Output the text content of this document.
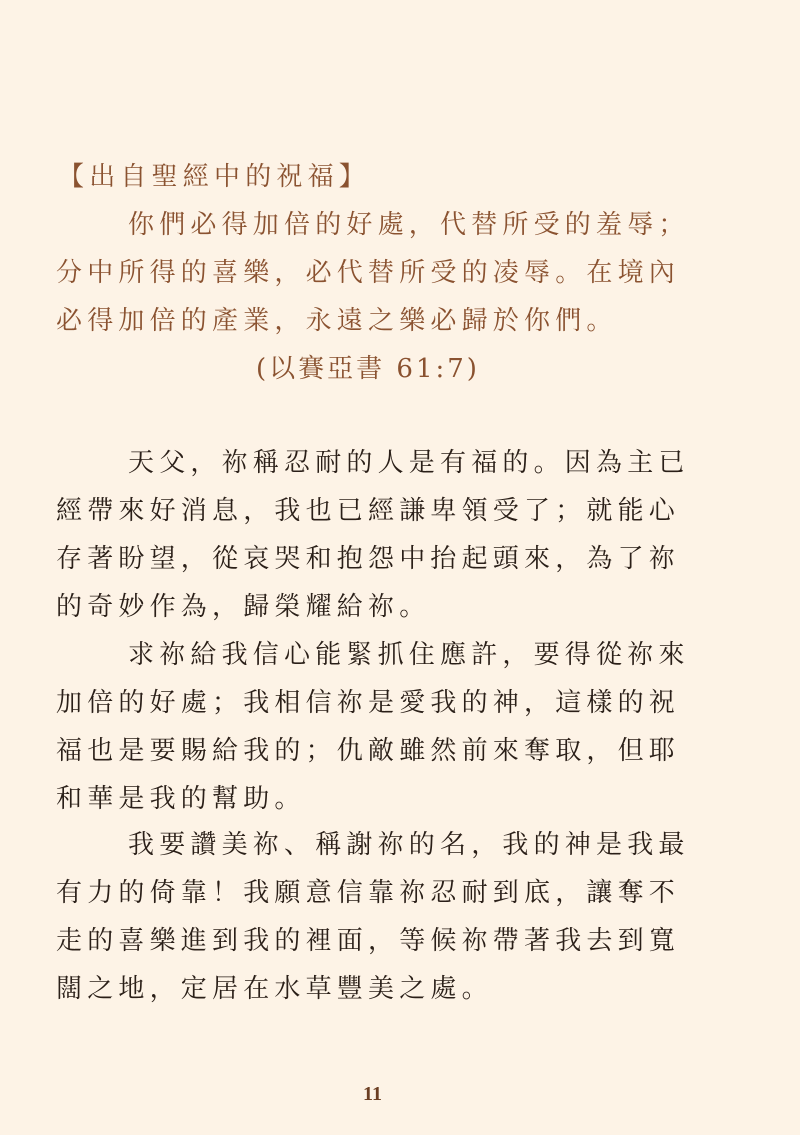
【出自聖經中的祝福】
你們必得加倍的好處，代替所受的羞辱；
分中所得的喜樂，必代替所受的凌辱。在境內
必得加倍的產業，永遠之樂必歸於你們。
(以賽亞書 61:7)
天父，祢稱忍耐的人是有福的。因為主已
經帶來好消息，我也已經謙卑領受了；就能心
存著盼望，從哀哭和抱怨中抬起頭來，為了祢
的奇妙作為，歸榮耀給祢。
求祢給我信心能緊抓住應許，要得從祢來
加倍的好處；我相信祢是愛我的神，這樣的祝
福也是要賜給我的；仇敵雖然前來奪取，但耶
和華是我的幫助。
我要讚美祢、稱謝祢的名，我的神是我最
有力的倚靠！我願意信靠祢忍耐到底，讓奪不
走的喜樂進到我的裡面，等候祢帶著我去到寬
闊之地，定居在水草豐美之處。
11
